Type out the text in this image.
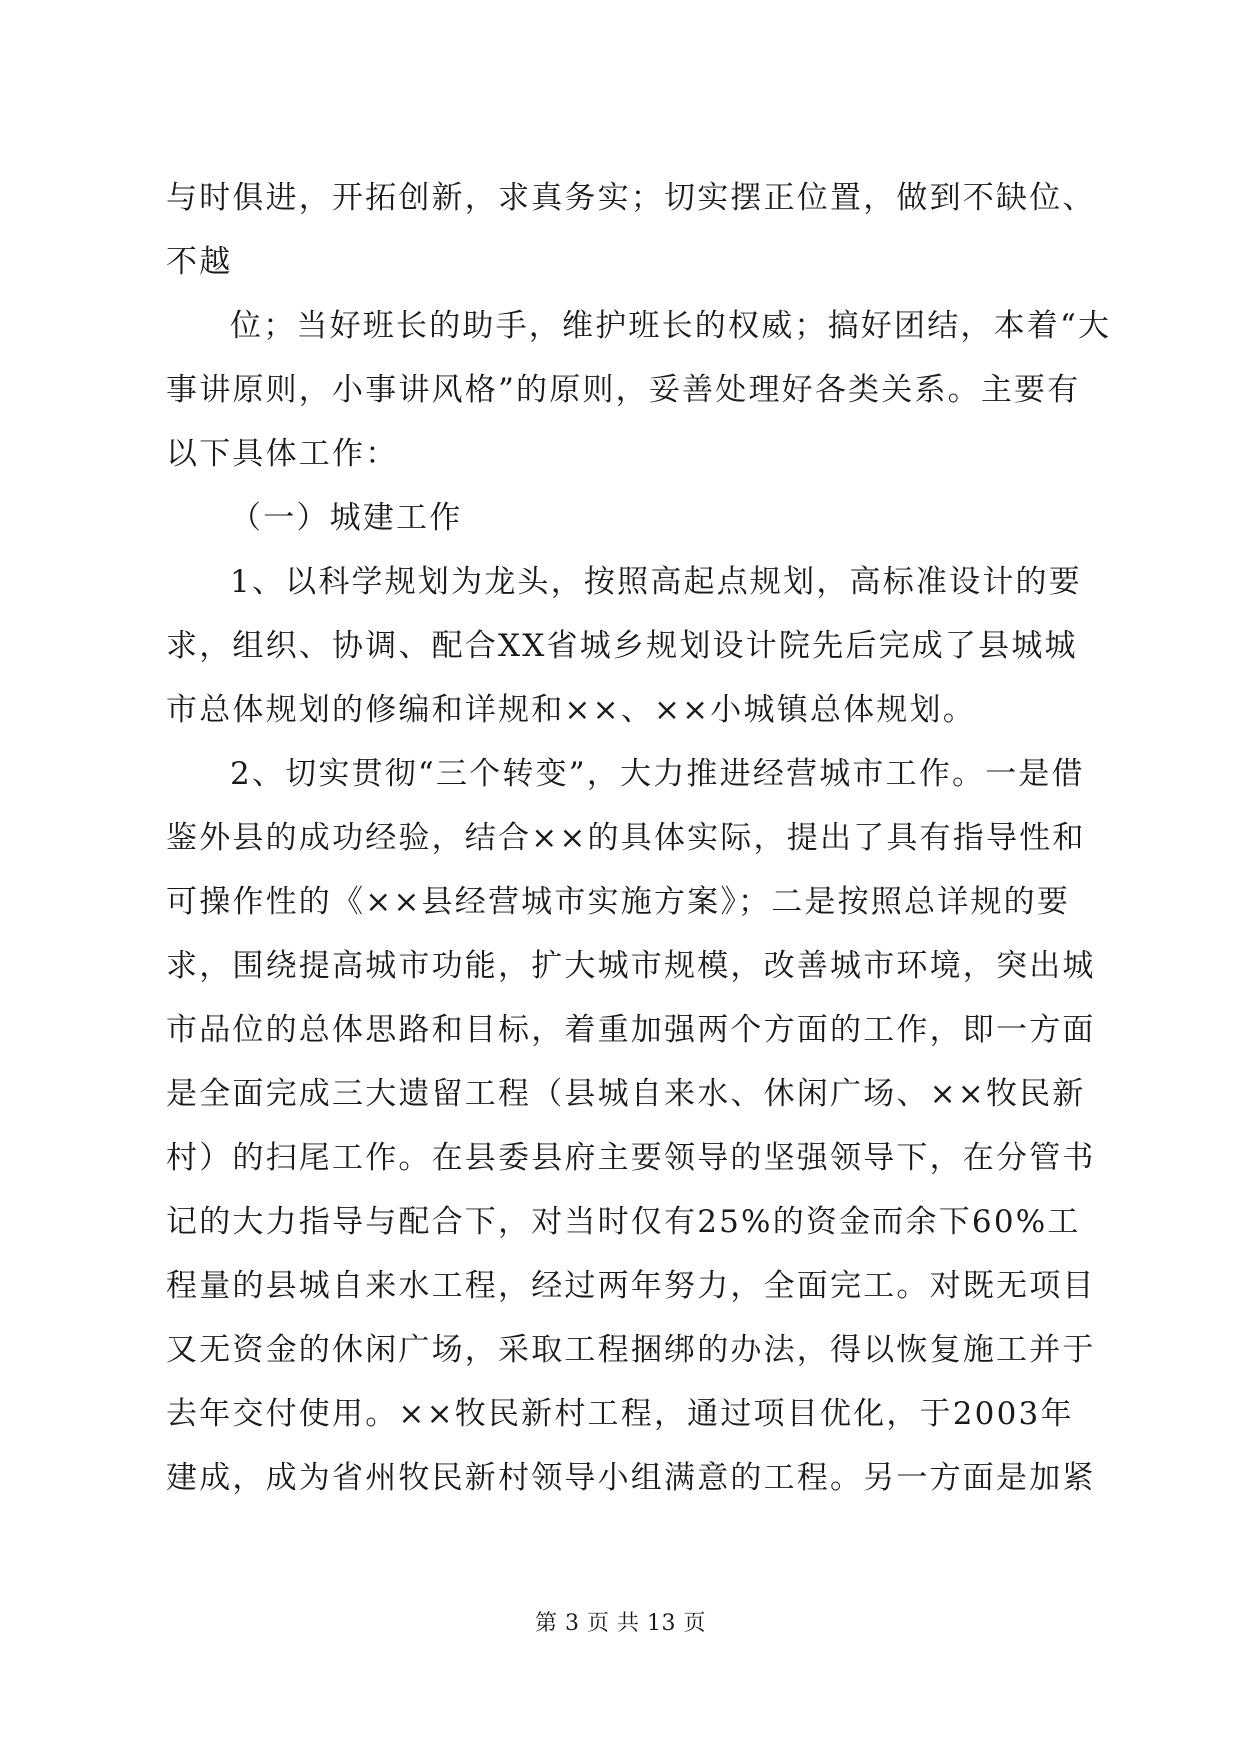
与时俱进，开拓创新，求真务实；切实摆正位置，做到不缺位、
不越
位；当好班长的助手，维护班长的权威；搞好团结，本着“大
事讲原则，小事讲风格”的原则，妥善处理好各类关系。主要有
以下具体工作：
（一）城建工作
1、以科学规划为龙头，按照高起点规划，高标准设计的要
求，组织、协调、配合XX省城乡规划设计院先后完成了县城城
市总体规划的修编和详规和××、××小城镇总体规划。
2、切实贯彻“三个转变”，大力推进经营城市工作。一是借
鉴外县的成功经验，结合××的具体实际，提出了具有指导性和
可操作性的《××县经营城市实施方案》；二是按照总详规的要
求，围绕提高城市功能，扩大城市规模，改善城市环境，突出城
市品位的总体思路和目标，着重加强两个方面的工作，即一方面
是全面完成三大遗留工程（县城自来水、休闲广场、××牧民新
村）的扫尾工作。在县委县府主要领导的坚强领导下，在分管书
记的大力指导与配合下，对当时仅有25%的资金而余下60%工
程量的县城自来水工程，经过两年努力，全面完工。对既无项目
又无资金的休闲广场，采取工程捆绑的办法，得以恢复施工并于
去年交付使用。××牧民新村工程，通过项目优化，于2003年
建成，成为省州牧民新村领导小组满意的工程。另一方面是加紧
第 3 页 共 13 页
